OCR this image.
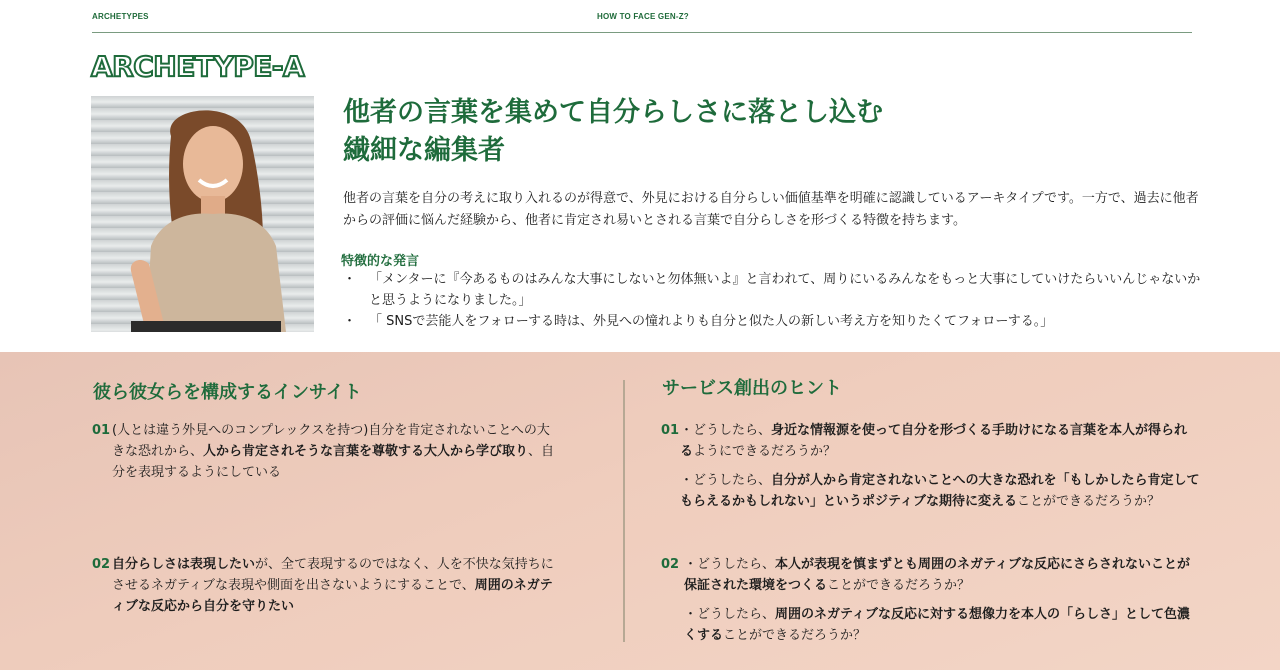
ARCHETYPES	HOW TO FACE GEN-Z?
ARCHETYPE-A
他者の言葉を集めて自分らしさに落とし込む
繊細な編集者

他者の言葉を自分の考えに取り入れるのが得意で、外見における自分らしい価値基準を明確に認識しているアーキタイプです。一方で、過去に他者からの評価に悩んだ経験から、他者に肯定され易いとされる言葉で自分らしさを形づくる特徴を持ちます。

特徴的な発言
・ 「メンターに『今あるものはみんな大事にしないと勿体無いよ』と言われて、周りにいるみんなをもっと大事にしていけたらいいんじゃないかと思うようになりました。」
・ 「 SNSで芸能人をフォローする時は、外見への憧れよりも自分と似た人の新しい考え方を知りたくてフォローする。」
彼ら彼女らを構成するインサイト
01 (人とは違う外見へのコンプレックスを持つ)自分を肯定されないことへの大きな恐れから、人から肯定されそうな言葉を尊敬する大人から学び取り、自分を表現するようにしている
02 自分らしさは表現したいが、全て表現するのではなく、人を不快な気持ちにさせるネガティブな表現や側面を出さないようにすることで、周囲のネガティブな反応から自分を守りたい
サービス創出のヒント
01 ・どうしたら、身近な情報源を使って自分を形づくる手助けになる言葉を本人が得られるようにできるだろうか？
・どうしたら、自分が人から肯定されないことへの大きな恐れを「もしかしたら肯定してもらえるかもしれない」というポジティブな期待に変えることができるだろうか？
02 ・どうしたら、本人が表現を慎まずとも周囲のネガティブな反応にさらされないことが保証された環境をつくることができるだろうか？
・どうしたら、周囲のネガティブな反応に対する想像力を本人の「らしさ」として色濃くすることができるだろうか？
